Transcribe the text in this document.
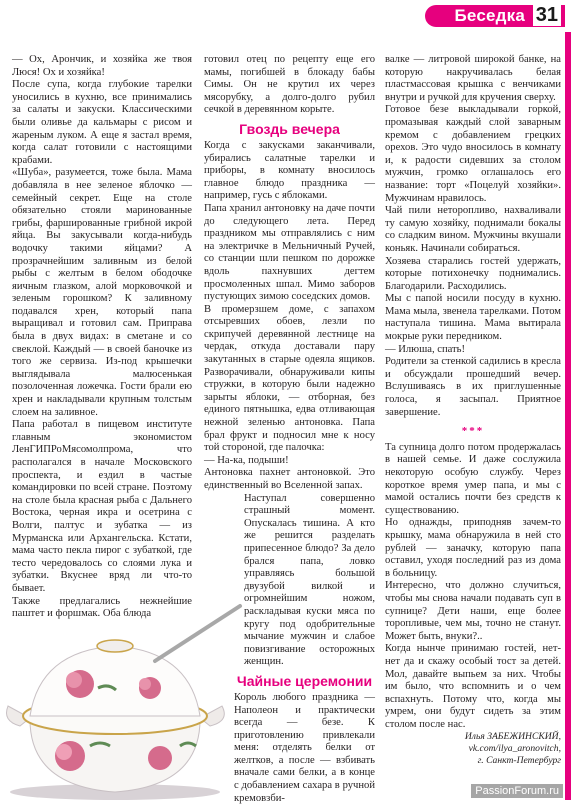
Беседка 31

— Ох, Арончик, и хозяйка же твоя Люся! Ох и хозяйка!

После супа, когда глубокие тарелки уносились в кухню, все принимались за салаты и закуски. Классическими были оливье да кальмары с рисом и жареным луком. А еще я застал время, когда салат готовили с настоящими крабами.

«Шуба», разумеется, тоже была. Мама добавляла в нее зеленое яблочко — семейный секрет. Еще на столе обязательно стояли маринованные грибы, фаршированные грибной икрой яйца. Вы закусывали когда-нибудь водочку такими яйцами? А прозрачнейшим заливным из белой рыбы с желтым в белом ободочке яичным глазком, алой морковочкой и зеленым горошком? К заливному подавался хрен, который папа выращивал и готовил сам. Приправа была в двух видах: в сметане и со свеклой. Каждый — в своей баночке из того же сервиза. Из-под крышечки выглядывала малюсенькая позолоченная ложечка. Гости брали ею хрен и накладывали крупным толстым слоем на заливное.

Папа работал в пищевом институте главным экономистом ЛенГИПРоМясомолпрома, что располагался в начале Московского проспекта, и ездил в частые командировки по всей стране. Поэтому на столе была красная рыба с Дальнего Востока, черная икра и осетрина с Волги, палтус и зубатка — из Мурманска или Архангельска. Кстати, мама часто пекла пирог с зубаткой, где тесто чередовалось со слоями лука и зубатки. Вкуснее вряд ли что-то бывает.

Также предлагались нежнейшие паштет и форшмак. Оба блюда

готовил отец по рецепту еще его мамы, погибшей в блокаду бабы Симы. Он не крутил их через мясорубку, а долго-долго рубил сечкой в деревянном корыте.

Гвоздь вечера

Когда с закусками заканчивали, убирались салатные тарелки и приборы, в комнату вносилось главное блюдо праздника — например, гусь с яблоками.

Папа хранил антоновку на даче почти до следующего лета. Перед праздником мы отправлялись с ним на электричке в Мельничный Ручей, со станции шли пешком по дорожке вдоль пахнувших дегтем просмоленных шпал. Мимо заборов пустующих зимою соседских домов.

В промерзшем доме, с запахом отсыревших обоев, лезли по скрипучей деревянной лестнице на чердак, откуда доставали пару закутанных в старые одеяла ящиков. Разворачивали, обнаруживали кипы стружки, в которую были надежно зарыты яблоки, — отборная, без единого пятнышка, едва отливающая нежной зеленью антоновка. Папа брал фрукт и подносил мне к носу той стороной, где палочка:

— На-ка, подыши!

Антоновка пахнет антоновкой. Это единственный во Вселенной запах.

Наступал совершенно страшный момент. Опускалась тишина. А кто же решится разделать припесенное блюдо? За дело брался папа, ловко управляясь большой двузубой вилкой и огромнейшим ножом, раскладывая куски мяса по кругу под одобрительные мычание мужчин и слабое повизгивание осторожных женщин.

Чайные церемонии

Король любого праздника — Наполеон и практически всегда — безе. К приготовлению привлекали меня: отделять белки от желтков, а после — взбивать вначале сами белки, а в конце с добавлением сахара в ручной кремовзби-

валке — литровой широкой банке, на которую накручивалась белая пластмассовая крышка с венчиками внутри и ручкой для кручения сверху.

Готовое безе выкладывали горкой, промазывая каждый слой заварным кремом с добавлением грецких орехов. Это чудо вносилось в комнату и, к радости сидевших за столом мужчин, громко оглашалось его название: торт «Поцелуй хозяйки». Мужчинам нравилось.

Чай пили неторопливо, нахваливали ту самую хозяйку, поднимали бокалы со сладким вином. Мужчины вкушали коньяк. Начинали собираться.

Хозяева старались гостей удержать, которые потихонечку поднимались. Благодарили. Расходились.

Мы с папой носили посуду в кухню. Мама мыла, звенела тарелками. Потом наступала тишина. Мама вытирала мокрые руки передником.

— Илюша, спать!

Родители за стенкой садились в кресла и обсуждали прошедший вечер. Вслушиваясь в их приглушенные голоса, я засыпал. Приятное завершение.

***

Та супница долго потом продержалась в нашей семье. И даже сослужила некоторую особую службу. Через короткое время умер папа, и мы с мамой остались почти без средств к существованию.

Но однажды, приподняв зачем-то крышку, мама обнаружила в ней сто рублей — заначку, которую папа оставил, уходя последний раз из дома в больницу.

Интересно, что должно случиться, чтобы мы снова начали подавать суп в супнице? Дети наши, еще более торопливые, чем мы, точно не станут. Может быть, внуки?..

Когда нынче принимаю гостей, нет-нет да и скажу особый тост за детей. Мол, давайте выпьем за них. Чтобы им было, что вспомнить и о чем вспахнуть. Потому что, когда мы умрем, они будут сидеть за этим столом после нас.

Илья ЗАБЕЖИНСКИЙ,
vk.com/ilya_aronovitch,
г. Санкт-Петербург
PassionForum.ru
